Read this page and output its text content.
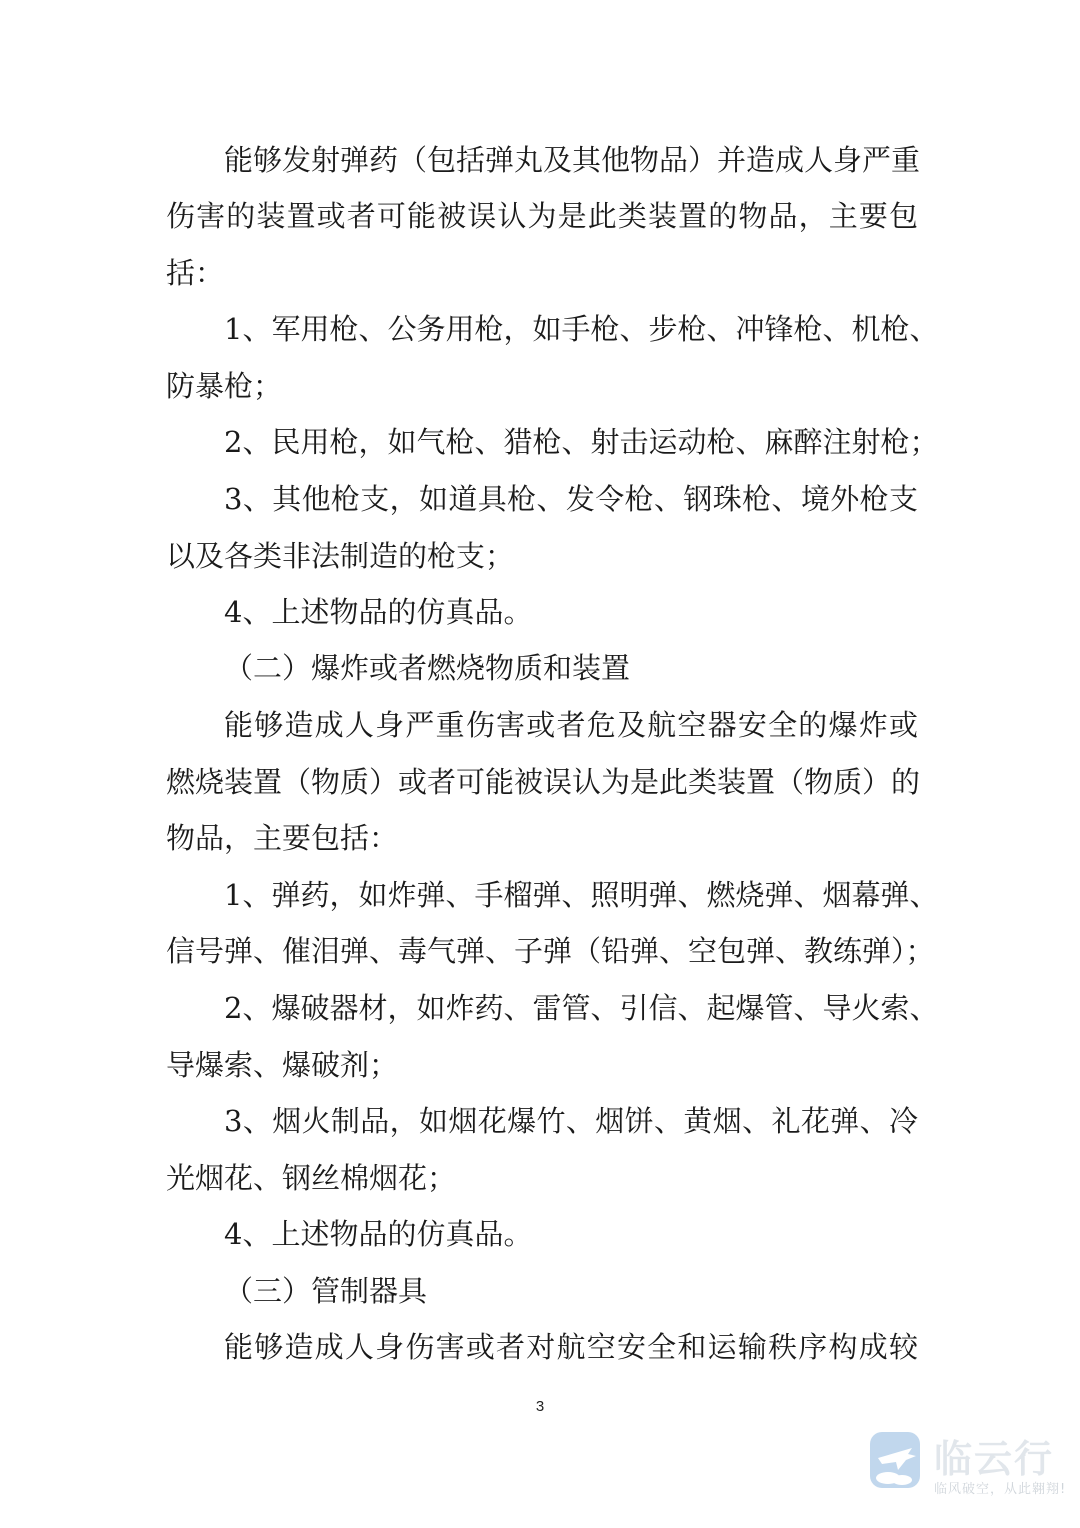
能够发射弹药（包括弹丸及其他物品）并造成人身严重
伤害的装置或者可能被误认为是此类装置的物品，主要包
括：
1、军用枪、公务用枪，如手枪、步枪、冲锋枪、机枪、
防暴枪；
2、民用枪，如气枪、猎枪、射击运动枪、麻醉注射枪；
3、其他枪支，如道具枪、发令枪、钢珠枪、境外枪支
以及各类非法制造的枪支；
4、上述物品的仿真品。
（二）爆炸或者燃烧物质和装置
能够造成人身严重伤害或者危及航空器安全的爆炸或
燃烧装置（物质）或者可能被误认为是此类装置（物质）的
物品，主要包括：
1、弹药，如炸弹、手榴弹、照明弹、燃烧弹、烟幕弹、
信号弹、催泪弹、毒气弹、子弹（铅弹、空包弹、教练弹）；
2、爆破器材，如炸药、雷管、引信、起爆管、导火索、
导爆索、爆破剂；
3、烟火制品，如烟花爆竹、烟饼、黄烟、礼花弹、冷
光烟花、钢丝棉烟花；
4、上述物品的仿真品。
（三）管制器具
能够造成人身伤害或者对航空安全和运输秩序构成较
3
临云行
临风破空，从此翱翔!
